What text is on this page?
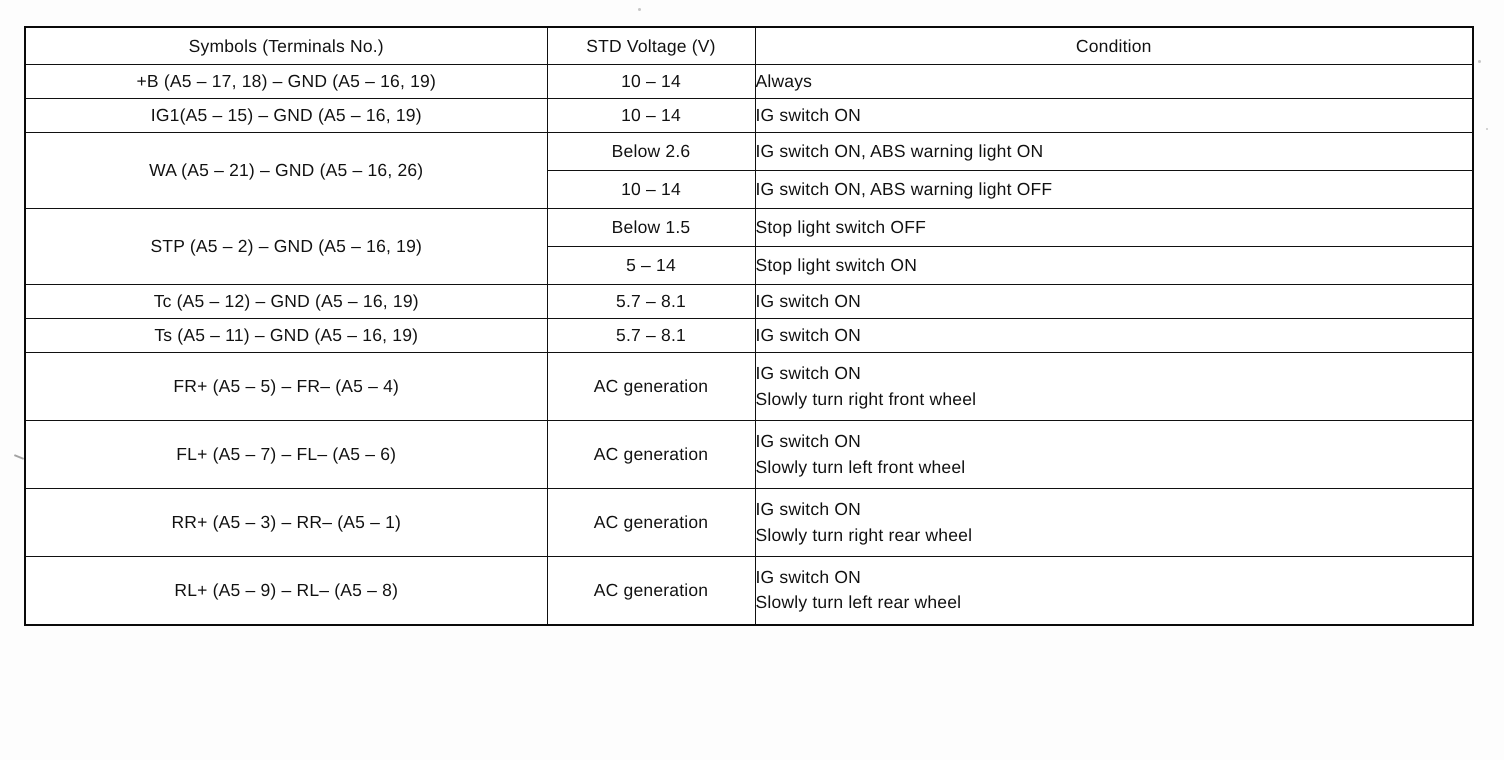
Symbols (Terminals No.)	STD Voltage (V)	Condition
+B (A5 – 17, 18) – GND (A5 – 16, 19)	10 – 14	Always
IG1(A5 – 15) – GND (A5 – 16, 19)	10 – 14	IG switch ON
WA (A5 – 21) – GND (A5 – 16, 26)	Below 2.6	IG switch ON, ABS warning light ON
	10 – 14	IG switch ON, ABS warning light OFF
STP (A5 – 2) – GND (A5 – 16, 19)	Below 1.5	Stop light switch OFF
	5 – 14	Stop light switch ON
Tc (A5 – 12) – GND (A5 – 16, 19)	5.7 – 8.1	IG switch ON
Ts (A5 – 11) – GND (A5 – 16, 19)	5.7 – 8.1	IG switch ON
FR+ (A5 – 5) – FR– (A5 – 4)	AC generation	IG switch ON
Slowly turn right front wheel

FL+ (A5 – 7) – FL– (A5 – 6)	AC generation	IG switch ON
Slowly turn left front wheel

RR+ (A5 – 3) – RR– (A5 – 1)	AC generation	IG switch ON
Slowly turn right rear wheel

RL+ (A5 – 9) – RL– (A5 – 8)	AC generation	IG switch ON
Slowly turn left rear wheel
